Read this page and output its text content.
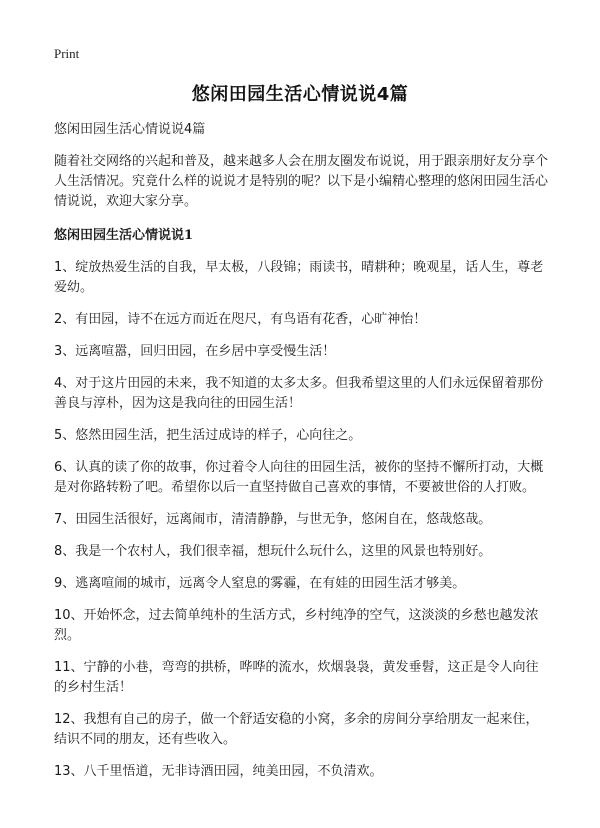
Print
悠闲田园生活心情说说4篇

悠闲田园生活心情说说4篇

随着社交网络的兴起和普及，越来越多人会在朋友圈发布说说，用于跟亲朋好友分享个人生活情况。究竟什么样的说说才是特别的呢？以下是小编精心整理的悠闲田园生活心情说说，欢迎大家分享。

悠闲田园生活心情说说1

1、绽放热爱生活的自我，早太极，八段锦；雨读书，晴耕种；晚观星，话人生，尊老爱幼。

2、有田园，诗不在远方而近在咫尺，有鸟语有花香，心旷神怡！

3、远离喧嚣，回归田园，在乡居中享受慢生活！

4、对于这片田园的未来，我不知道的太多太多。但我希望这里的人们永远保留着那份善良与淳朴，因为这是我向往的田园生活！

5、悠然田园生活，把生活过成诗的样子，心向往之。

6、认真的读了你的故事，你过着令人向往的田园生活，被你的坚持不懈所打动，大概是对你路转粉了吧。希望你以后一直坚持做自己喜欢的事情，不要被世俗的人打败。

7、田园生活很好，远离闹市，清清静静，与世无争，悠闲自在，悠哉悠哉。

8、我是一个农村人，我们很幸福，想玩什么玩什么，这里的风景也特别好。

9、逃离喧闹的城市，远离令人窒息的雾霾，在有娃的田园生活才够美。

10、开始怀念，过去简单纯朴的生活方式，乡村纯净的空气，这淡淡的乡愁也越发浓烈。

11、宁静的小巷，弯弯的拱桥，哗哗的流水，炊烟袅袅，黄发垂髫，这正是令人向往的乡村生活！

12、我想有自己的房子，做一个舒适安稳的小窝，多余的房间分享给朋友一起来住，结识不同的朋友，还有些收入。

13、八千里悟道，无非诗酒田园，纯美田园，不负清欢。
